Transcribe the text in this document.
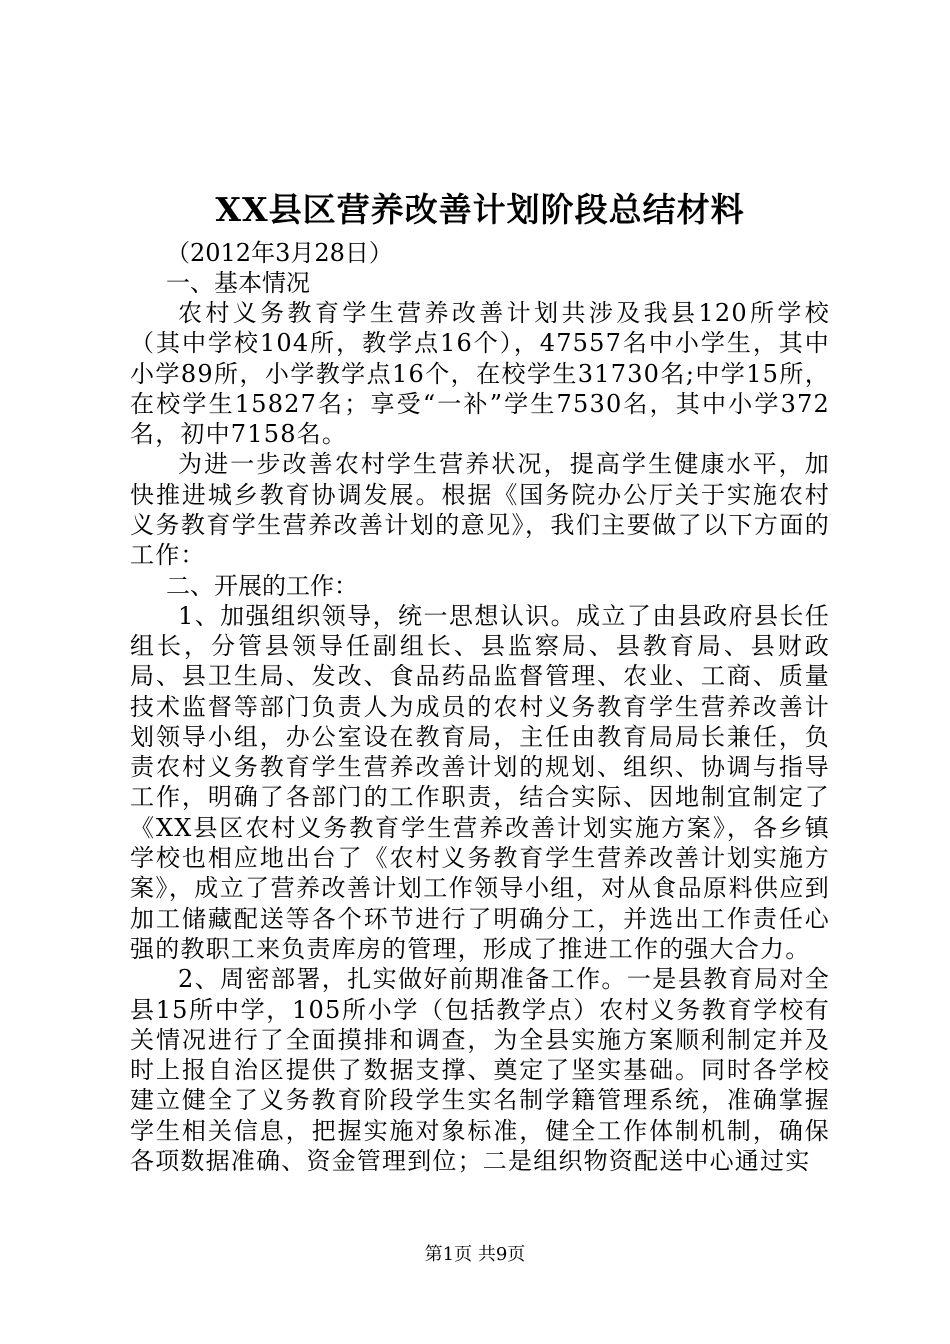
XX县区营养改善计划阶段总结材料

（2012年3月28日）

一、基本情况

农村义务教育学生营养改善计划共涉及我县120所学校（其中学校104所，教学点16个），47557名中小学生，其中小学89所，小学教学点16个，在校学生31730名;中学15所，在校学生15827名；享受“一补”学生7530名，其中小学372名，初中7158名。

为进一步改善农村学生营养状况，提高学生健康水平，加快推进城乡教育协调发展。根据《国务院办公厅关于实施农村义务教育学生营养改善计划的意见》，我们主要做了以下方面的工作：

二、开展的工作：

1、加强组织领导，统一思想认识。成立了由县政府县长任组长，分管县领导任副组长、县监察局、县教育局、县财政局、县卫生局、发改、食品药品监督管理、农业、工商、质量技术监督等部门负责人为成员的农村义务教育学生营养改善计划领导小组，办公室设在教育局，主任由教育局局长兼任，负责农村义务教育学生营养改善计划的规划、组织、协调与指导工作，明确了各部门的工作职责，结合实际、因地制宜制定了《XX县区农村义务教育学生营养改善计划实施方案》，各乡镇学校也相应地出台了《农村义务教育学生营养改善计划实施方案》，成立了营养改善计划工作领导小组，对从食品原料供应到加工储藏配送等各个环节进行了明确分工，并选出工作责任心强的教职工来负责库房的管理，形成了推进工作的强大合力。

2、周密部署，扎实做好前期准备工作。一是县教育局对全县15所中学，105所小学（包括教学点）农村义务教育学校有关情况进行了全面摸排和调查，为全县实施方案顺利制定并及时上报自治区提供了数据支撑、奠定了坚实基础。同时各学校建立健全了义务教育阶段学生实名制学籍管理系统，准确掌握学生相关信息，把握实施对象标准，健全工作体制机制，确保各项数据准确、资金管理到位；二是组织物资配送中心通过实

第1页 共9页
